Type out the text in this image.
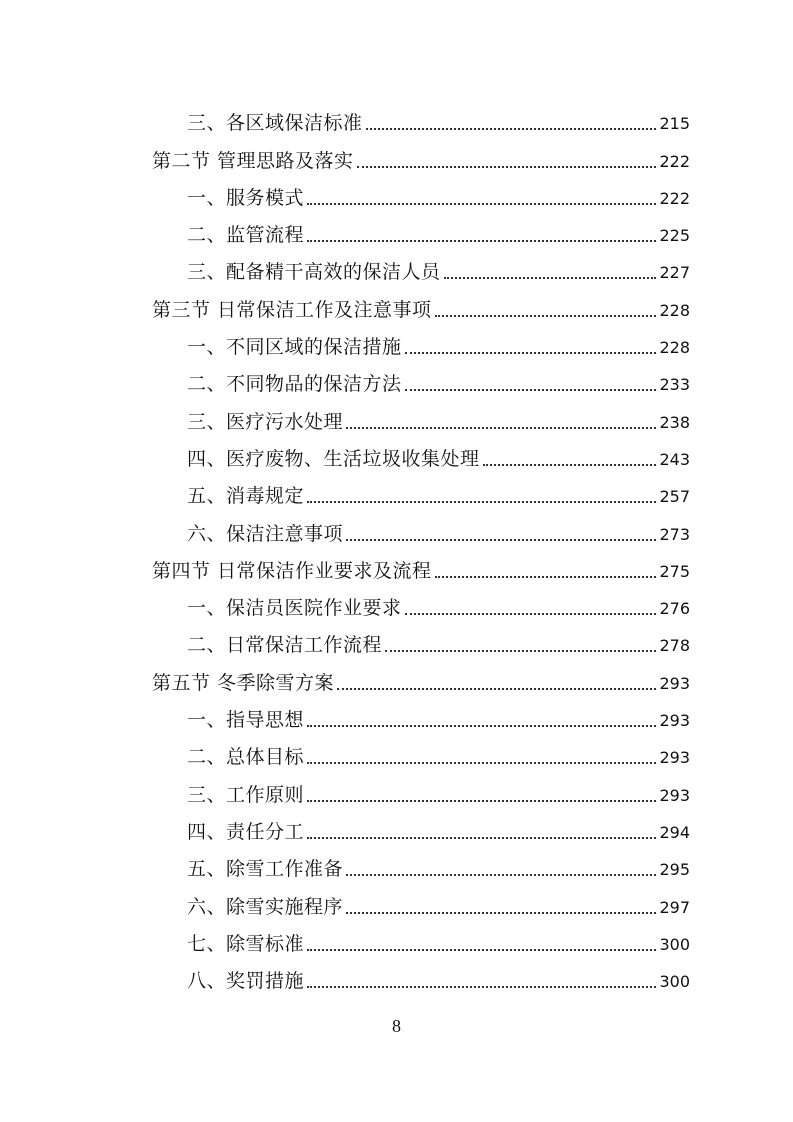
三、各区域保洁标准	215
第二节 管理思路及落实	222
一、服务模式	222
二、监管流程	225
三、配备精干高效的保洁人员	227
第三节 日常保洁工作及注意事项	228
一、不同区域的保洁措施	228
二、不同物品的保洁方法	233
三、医疗污水处理	238
四、医疗废物、生活垃圾收集处理	243
五、消毒规定	257
六、保洁注意事项	273
第四节 日常保洁作业要求及流程	275
一、保洁员医院作业要求	276
二、日常保洁工作流程	278
第五节 冬季除雪方案	293
一、指导思想	293
二、总体目标	293
三、工作原则	293
四、责任分工	294
五、除雪工作准备	295
六、除雪实施程序	297
七、除雪标准	300
八、奖罚措施	300
8
